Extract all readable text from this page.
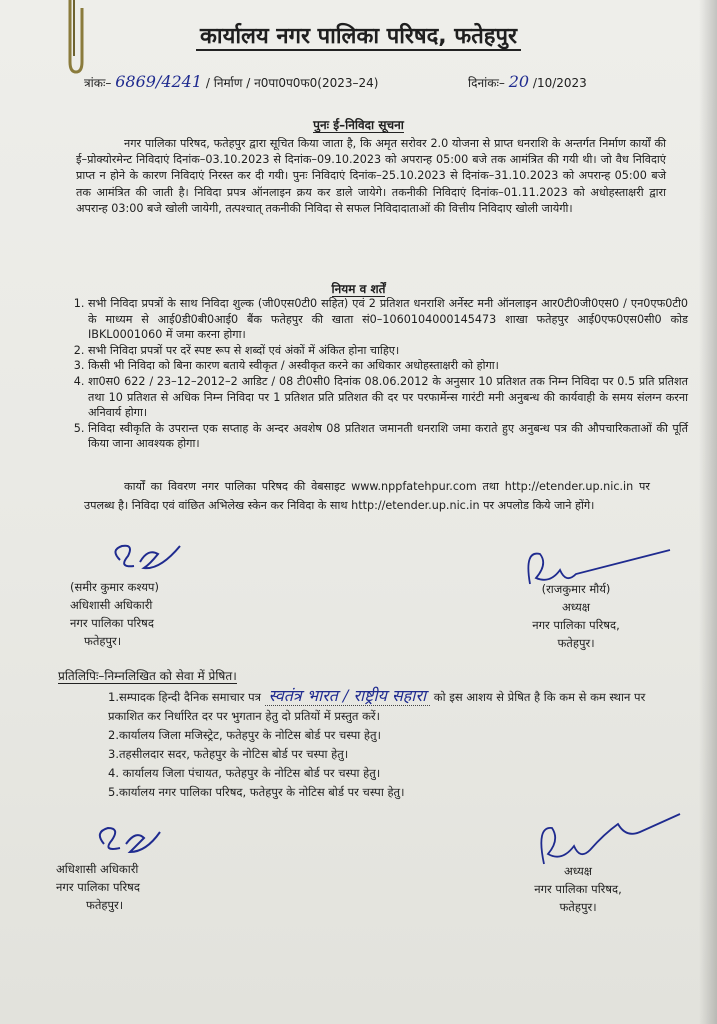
कार्यालय नगर पालिका परिषद, फतेहपुर
त्रांकः– 6869/4241 / निर्माण / न0पा0प0फ0(2023–24)	दिनांकः– 20 /10/2023
पुनः ई–निविदा सूचना
नगर पालिका परिषद, फतेहपुर द्वारा सूचित किया जाता है, कि अमृत सरोवर 2.0 योजना से प्राप्त धनराशि के अन्तर्गत निर्माण कार्यों की ई–प्रोक्योरमेन्ट निविदाएं दिनांक–03.10.2023 से दिनांक–09.10.2023 को अपरान्ह 05:00 बजे तक आमंत्रित की गयी थी। जो वैध निविदाएं प्राप्त न होने के कारण निविदाएं निरस्त कर दी गयी। पुनः निविदाएं दिनांक–25.10.2023 से दिनांक–31.10.2023 को अपरान्ह 05:00 बजे तक आमंत्रित की जाती है। निविदा प्रपत्र ऑनलाइन क्रय कर डाले जायेगे। तकनीकी निविदाएं दिनांक–01.11.2023 को अधोहस्ताक्षरी द्वारा अपरान्ह 03:00 बजे खोली जायेगी, तत्पश्चात् तकनीकी निविदा से सफल निविदादाताओं की वित्तीय निविदाए खोली जायेगी।
नियम व शर्तें
1. सभी निविदा प्रपत्रों के साथ निविदा शुल्क (जी0एस0टी0 सहित) एवं 2 प्रतिशत धनराशि अर्नेस्ट मनी ऑनलाइन आर0टी0जी0एस0 / एन0एफ0टी0 के माध्यम से आई0डी0बी0आई0 बैंक फतेहपुर की खाता सं0–1060104000145473 शाखा फतेहपुर आई0एफ0एस0सी0 कोड IBKL0001060 में जमा करना होगा।
2. सभी निविदा प्रपत्रों पर दरें स्पष्ट रूप से शब्दों एवं अंकों में अंकित होना चाहिए।
3. किसी भी निविदा को बिना कारण बताये स्वीकृत / अस्वीकृत करने का अधिकार अधोहस्ताक्षरी को होगा।
4. शा0स0 622 / 23–12–2012–2 आडिट / 08 टी0सी0 दिनांक 08.06.2012 के अनुसार 10 प्रतिशत तक निम्न निविदा पर 0.5 प्रति प्रतिशत तथा 10 प्रतिशत से अधिक निम्न निविदा पर 1 प्रतिशत प्रति प्रतिशत की दर पर परफार्मेन्स गारंटी मनी अनुबन्ध की कार्यवाही के समय संलग्न करना अनिवार्य होगा।
5. निविदा स्वीकृति के उपरान्त एक सप्ताह के अन्दर अवशेष 08 प्रतिशत जमानती धनराशि जमा कराते हुए अनुबन्ध पत्र की औपचारिकताओं की पूर्ति किया जाना आवश्यक होगा।
कार्यों का विवरण नगर पालिका परिषद की वेबसाइट www.nppfatehpur.com तथा http://etender.up.nic.in पर उपलब्ध है। निविदा एवं वांछित अभिलेख स्केन कर निविदा के साथ http://etender.up.nic.in पर अपलोड किये जाने होंगे।
(समीर कुमार कश्यप)
अधिशासी अधिकारी
नगर पालिका परिषद
फतेहपुर।
(राजकुमार मौर्य)
अध्यक्ष
नगर पालिका परिषद,
फतेहपुर।
प्रतिलिपिः–निम्नलिखित को सेवा में प्रेषित।
1.सम्पादक हिन्दी दैनिक समाचार पत्र स्वतंत्र भारत / राष्ट्रीय सहारा को इस आशय से प्रेषित है कि कम से कम स्थान पर प्रकाशित कर निर्धारित दर पर भुगतान हेतु दो प्रतियों में प्रस्तुत करें।
2.कार्यालय जिला मजिस्ट्रेट, फतेहपुर के नोटिस बोर्ड पर चस्पा हेतु।
3.तहसीलदार सदर, फतेहपुर के नोटिस बोर्ड पर चस्पा हेतु।
4. कार्यालय जिला पंचायत, फतेहपुर के नोटिस बोर्ड पर चस्पा हेतु।
5.कार्यालय नगर पालिका परिषद, फतेहपुर के नोटिस बोर्ड पर चस्पा हेतु।
अधिशासी अधिकारी
नगर पालिका परिषद
फतेहपुर।
अध्यक्ष
नगर पालिका परिषद,
फतेहपुर।
